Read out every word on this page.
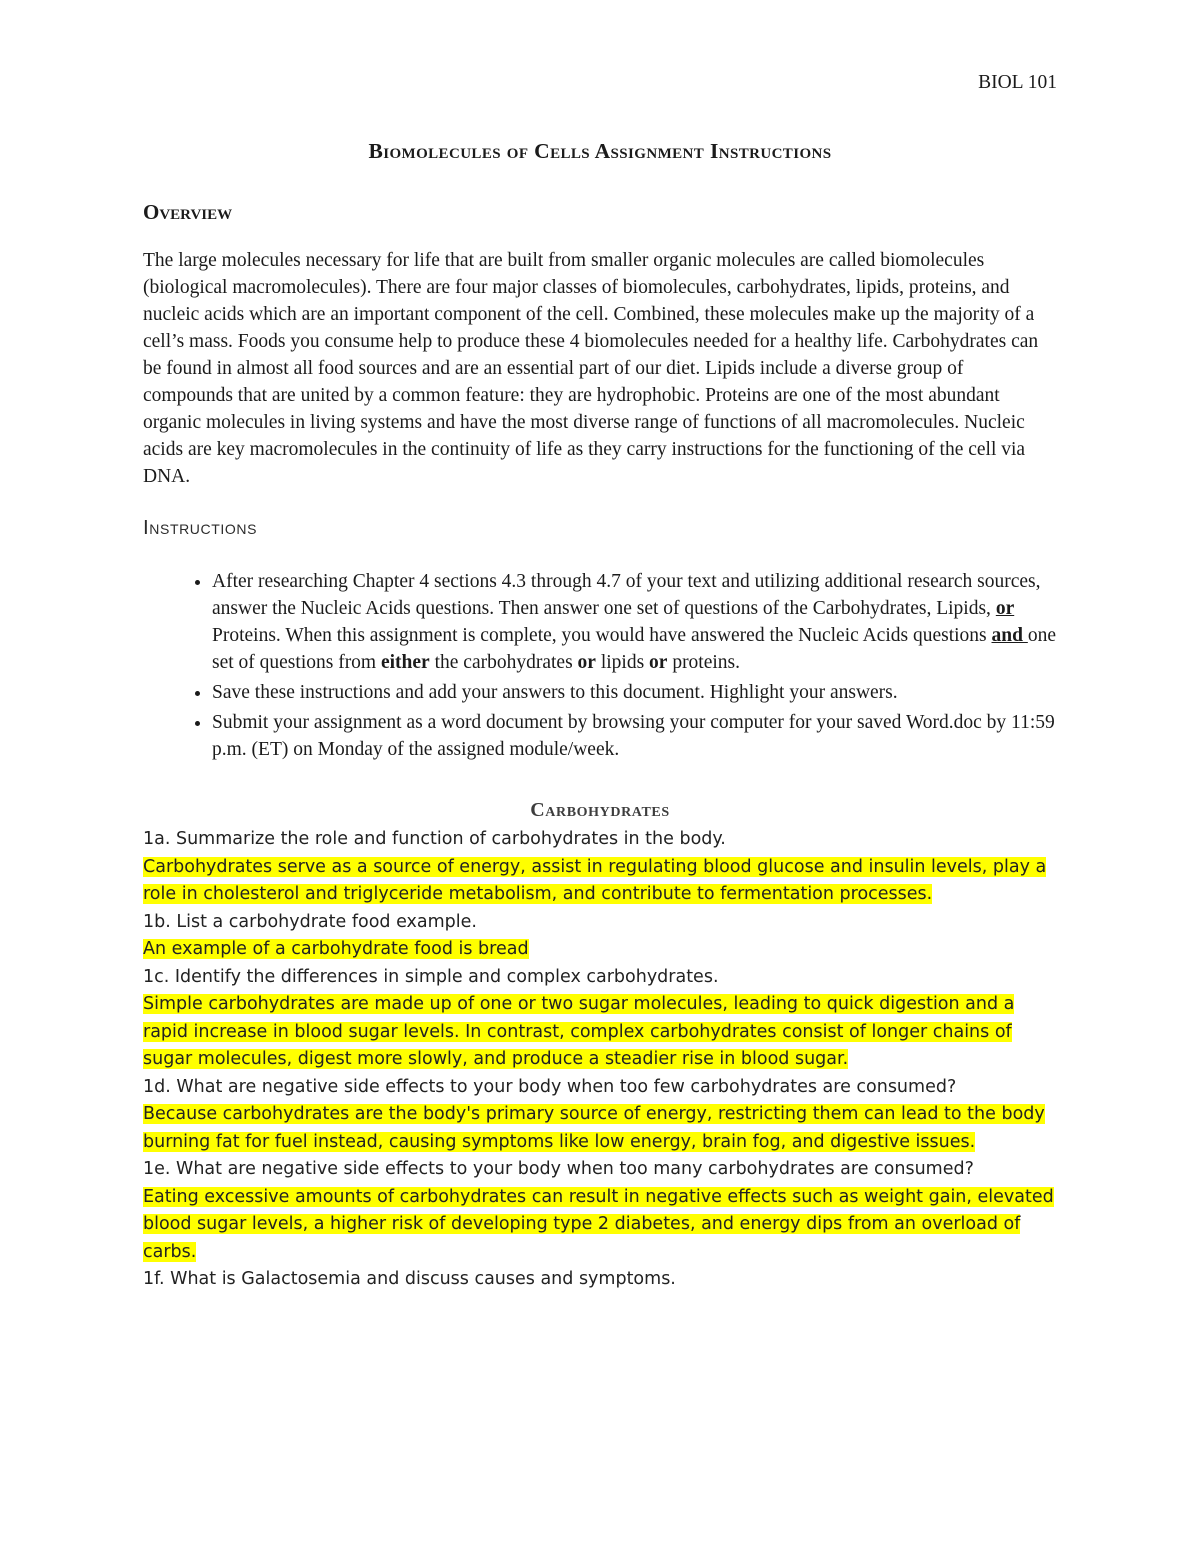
BIOL 101
Biomolecules of Cells Assignment Instructions
Overview

The large molecules necessary for life that are built from smaller organic molecules are called biomolecules (biological macromolecules). There are four major classes of biomolecules, carbohydrates, lipids, proteins, and nucleic acids which are an important component of the cell. Combined, these molecules make up the majority of a cell’s mass. Foods you consume help to produce these 4 biomolecules needed for a healthy life. Carbohydrates can be found in almost all food sources and are an essential part of our diet. Lipids include a diverse group of compounds that are united by a common feature: they are hydrophobic. Proteins are one of the most abundant organic molecules in living systems and have the most diverse range of functions of all macromolecules. Nucleic acids are key macromolecules in the continuity of life as they carry instructions for the functioning of the cell via DNA.

Instructions
• After researching Chapter 4 sections 4.3 through 4.7 of your text and utilizing additional research sources, answer the Nucleic Acids questions. Then answer one set of questions of the Carbohydrates, Lipids, or Proteins. When this assignment is complete, you would have answered the Nucleic Acids questions and one set of questions from either the carbohydrates or lipids or proteins.
• Save these instructions and add your answers to this document. Highlight your answers.
• Submit your assignment as a word document by browsing your computer for your saved Word.doc by 11:59 p.m. (ET) on Monday of the assigned module/week.
Carbohydrates
1a. Summarize the role and function of carbohydrates in the body.
Carbohydrates serve as a source of energy, assist in regulating blood glucose and insulin levels, play a role in cholesterol and triglyceride metabolism, and contribute to fermentation processes.
1b. List a carbohydrate food example.
An example of a carbohydrate food is bread
1c. Identify the differences in simple and complex carbohydrates.
Simple carbohydrates are made up of one or two sugar molecules, leading to quick digestion and a rapid increase in blood sugar levels. In contrast, complex carbohydrates consist of longer chains of sugar molecules, digest more slowly, and produce a steadier rise in blood sugar.
1d. What are negative side effects to your body when too few carbohydrates are consumed?
Because carbohydrates are the body's primary source of energy, restricting them can lead to the body burning fat for fuel instead, causing symptoms like low energy, brain fog, and digestive issues.
1e. What are negative side effects to your body when too many carbohydrates are consumed?
Eating excessive amounts of carbohydrates can result in negative effects such as weight gain, elevated blood sugar levels, a higher risk of developing type 2 diabetes, and energy dips from an overload of carbs.
1f. What is Galactosemia and discuss causes and symptoms.
